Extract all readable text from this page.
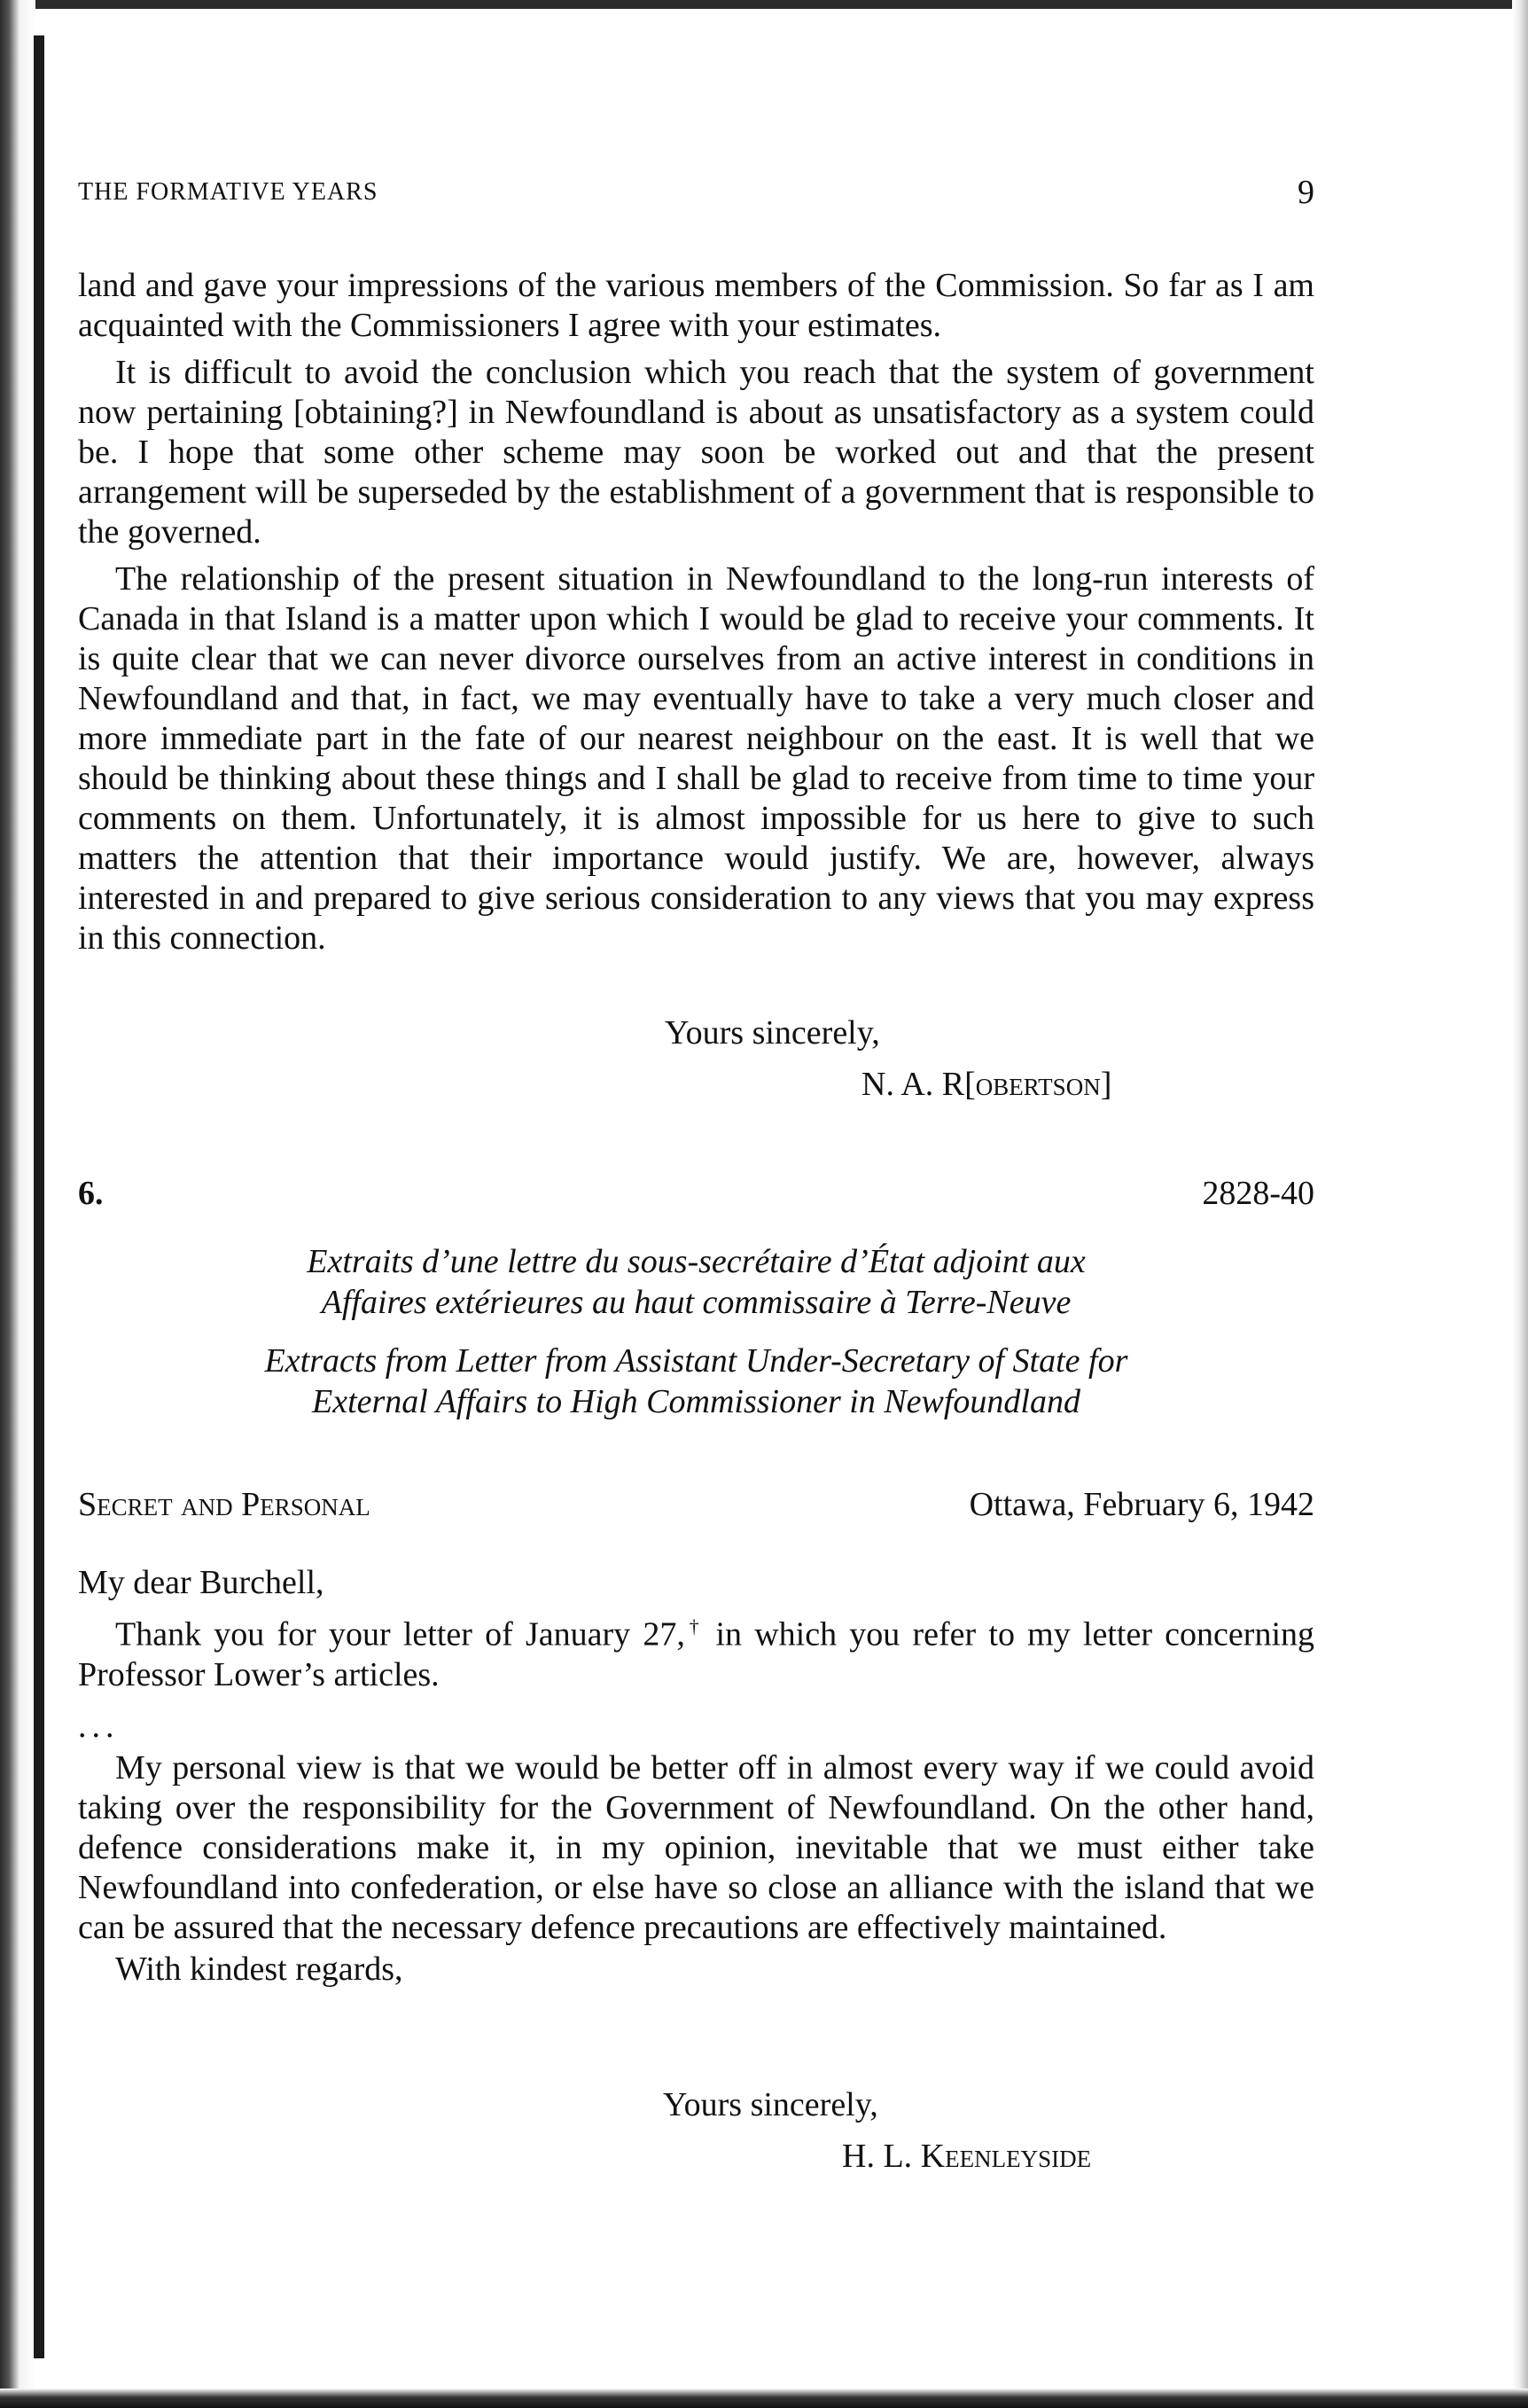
THE FORMATIVE YEARS	9

land and gave your impressions of the various members of the Commission. So far as I am acquainted with the Commissioners I agree with your estimates.

It is difficult to avoid the conclusion which you reach that the system of government now pertaining [obtaining?] in Newfoundland is about as unsatisfactory as a system could be. I hope that some other scheme may soon be worked out and that the present arrangement will be superseded by the establishment of a government that is responsible to the governed.

The relationship of the present situation in Newfoundland to the long-run interests of Canada in that Island is a matter upon which I would be glad to receive your comments. It is quite clear that we can never divorce ourselves from an active interest in conditions in Newfoundland and that, in fact, we may eventually have to take a very much closer and more immediate part in the fate of our nearest neighbour on the east. It is well that we should be thinking about these things and I shall be glad to receive from time to time your comments on them. Unfortunately, it is almost impossible for us here to give to such matters the attention that their importance would justify. We are, however, always interested in and prepared to give serious consideration to any views that you may express in this connection.

Yours sincerely,
N. A. R[obertson]
6.	2828-40
Extraits d’une lettre du sous-secrétaire d’État adjoint aux
Affaires extérieures au haut commissaire à Terre-Neuve
Extracts from Letter from Assistant Under-Secretary of State for
External Affairs to High Commissioner in Newfoundland
Secret and Personal	Ottawa, February 6, 1942

My dear Burchell,

Thank you for your letter of January 27,† in which you refer to my letter concerning Professor Lower’s articles.

...

My personal view is that we would be better off in almost every way if we could avoid taking over the responsibility for the Government of Newfoundland. On the other hand, defence considerations make it, in my opinion, inevitable that we must either take Newfoundland into confederation, or else have so close an alliance with the island that we can be assured that the necessary defence precautions are effectively maintained.

With kindest regards,

Yours sincerely,
H. L. Keenleyside
